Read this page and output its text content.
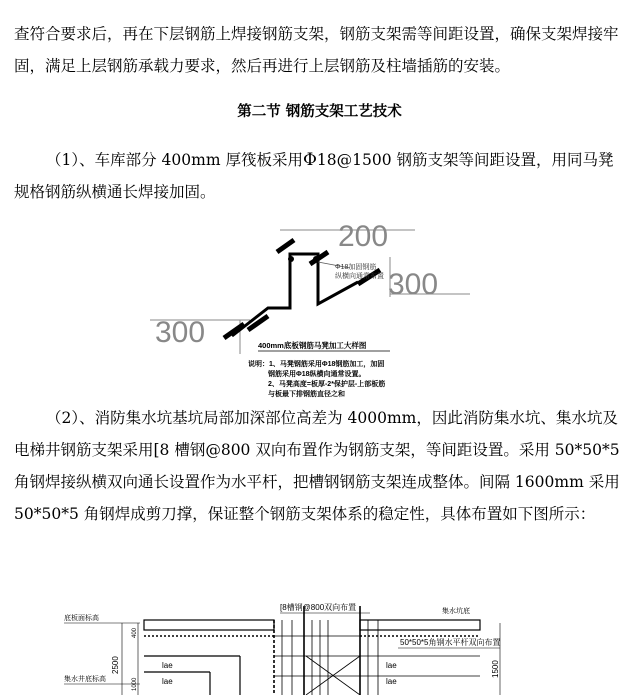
查符合要求后，再在下层钢筋上焊接钢筋支架，钢筋支架需等间距设置，确保支架焊接牢固，满足上层钢筋承载力要求，然后再进行上层钢筋及柱墙插筋的安装。
第二节 钢筋支架工艺技术
（1）、车库部分 400mm 厚筏板采用Φ18@1500 钢筋支架等间距设置，用同马凳规格钢筋纵横通长焊接加固。
200
300
300
Φ18加固钢筋
纵横向通常布置
400mm底板钢筋马凳加工大样图
说明：1、马凳钢筋采用Φ18钢筋加工，加固
钢筋采用Φ18纵横向通常设置。
2、马凳高度=板厚-2*保护层-上部板筋
与板最下排钢筋直径之和
（2）、消防集水坑基坑局部加深部位高差为 4000mm，因此消防集水坑、集水坑及电梯井钢筋支架采用[8 槽钢@800 双向布置作为钢筋支架，等间距设置。采用 50*50*5 角钢焊接纵横双向通长设置作为水平杆，把槽钢钢筋支架连成整体。间隔 1600mm 采用 50*50*5 角钢焊成剪刀撑，保证整个钢筋支架体系的稳定性，具体布置如下图所示：
底板面标高
集水井底标高
2500
400
1000
lae
lae
[8槽钢@800双向布置
lae
lae
集水坑底
50*50*5角钢水平杆双向布置
1500
